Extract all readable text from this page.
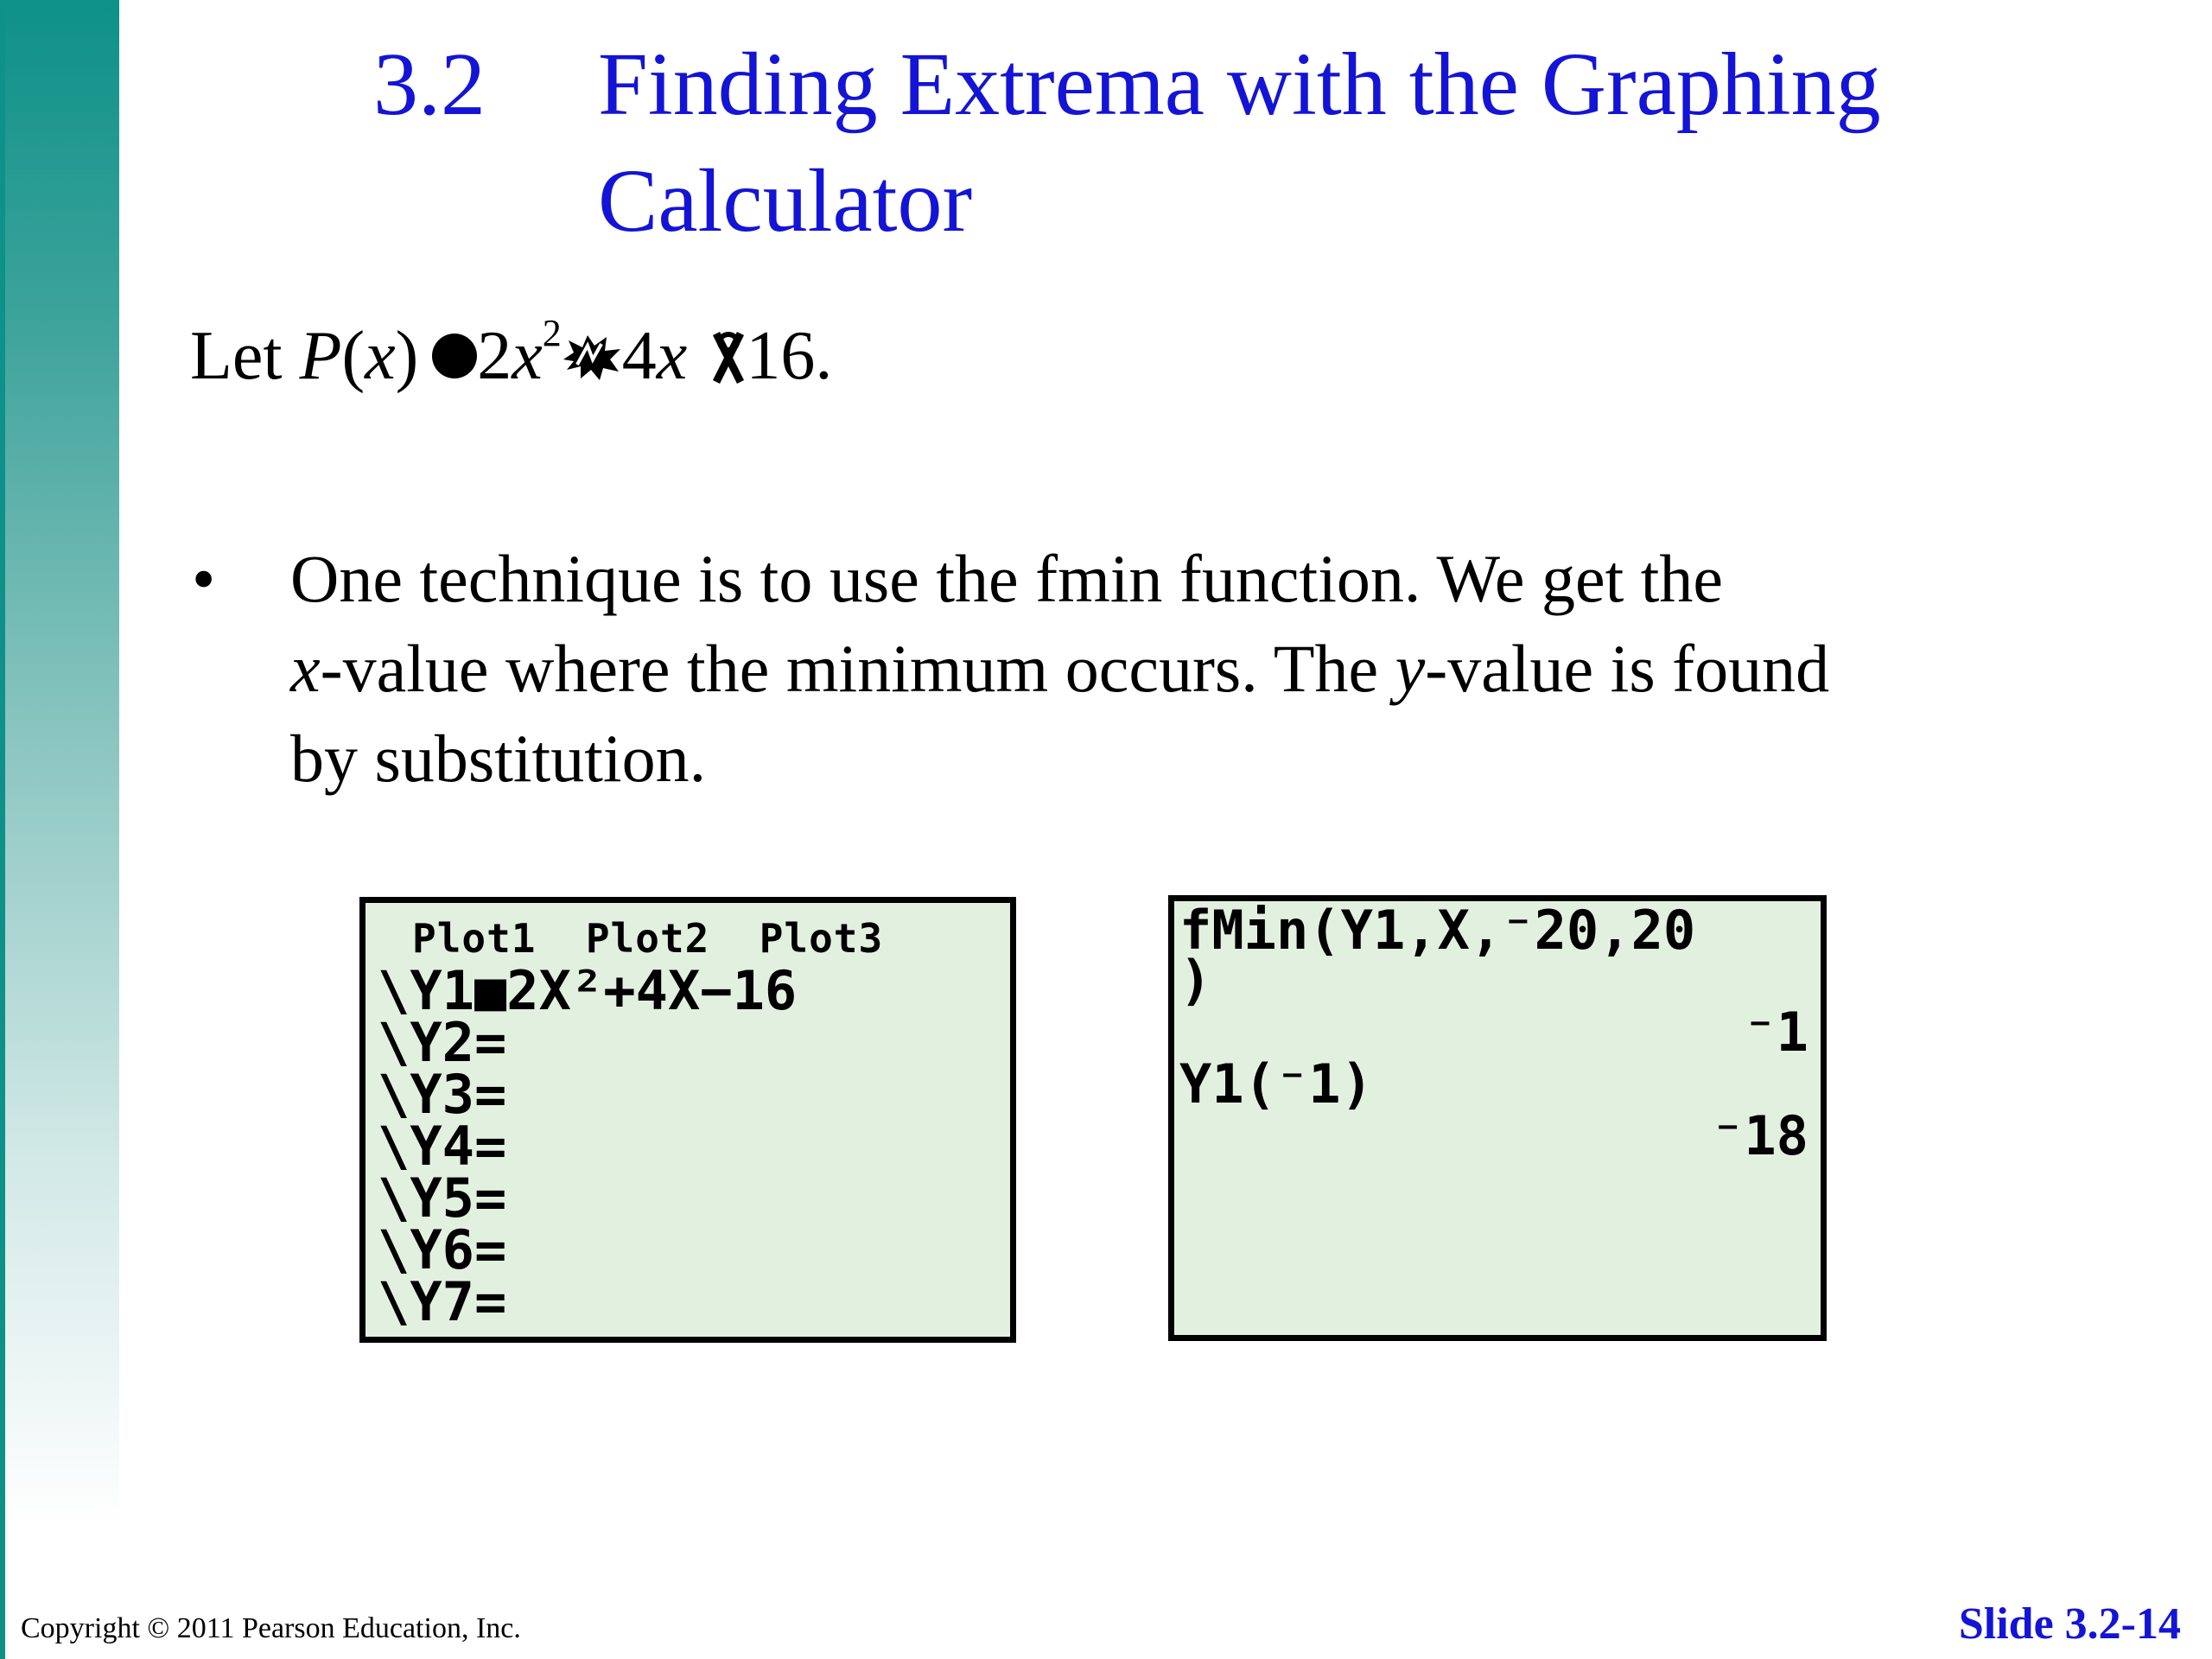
3.2 Finding Extrema with the Graphing Calculator
Let P(x) $2x^2$ 4x 16.
• One technique is to use the fmin function. We get the
x-value where the minimum occurs. The y-value is found
by substitution.
Plot1  Plot2  Plot3
\Y1■2X²+4X−16
\Y2=
\Y3=
\Y4=
\Y5=
\Y6=
\Y7=
fMin(Y1,X,⁻20,20
)
⁻1
Y1(⁻1)
⁻18
Copyright © 2011 Pearson Education, Inc.	Slide 3.2-14
